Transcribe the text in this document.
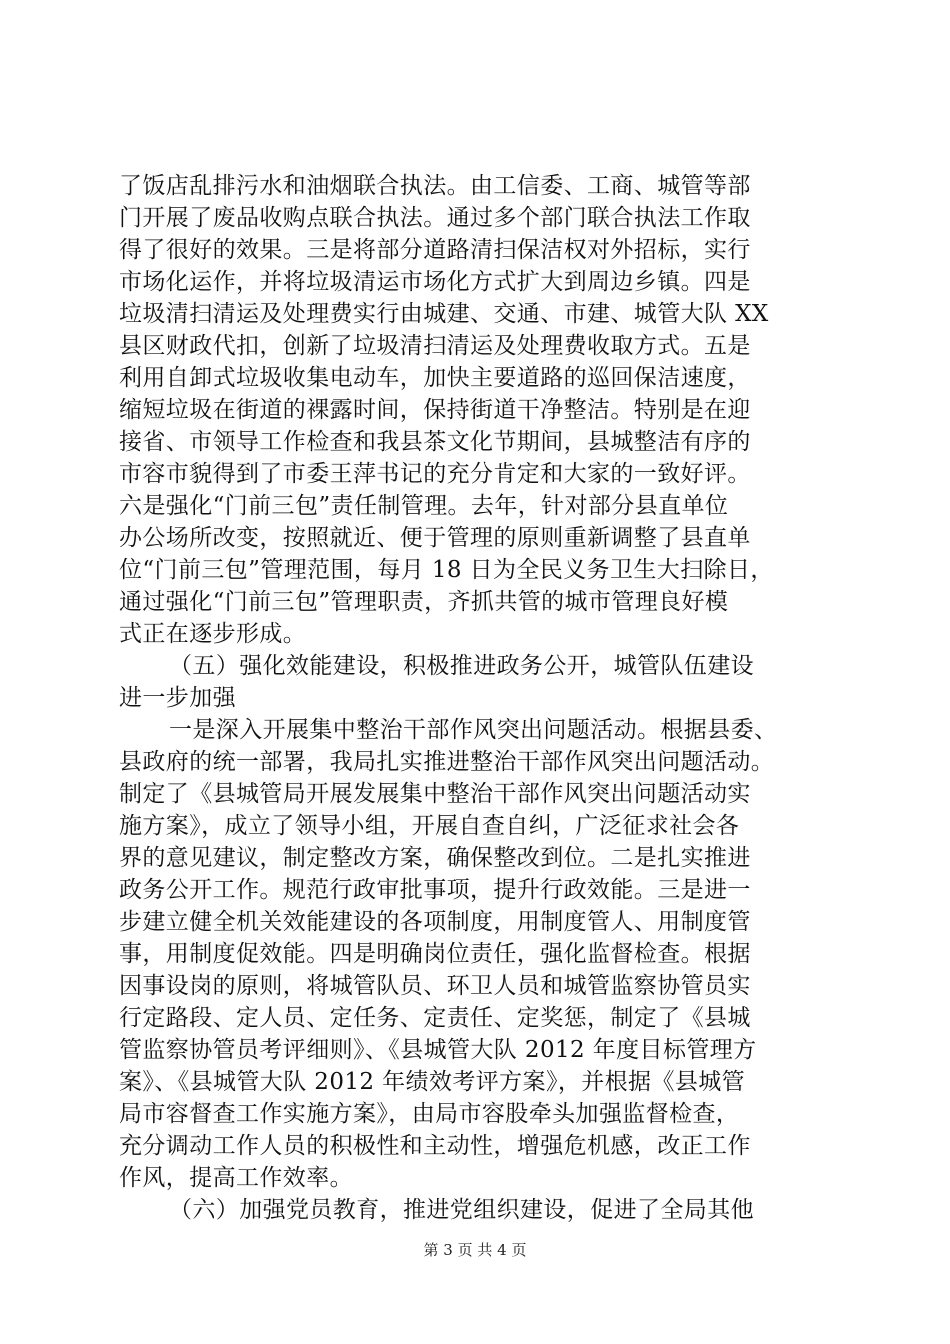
了饭店乱排污水和油烟联合执法。由工信委、工商、城管等部
门开展了废品收购点联合执法。通过多个部门联合执法工作取
得了很好的效果。三是将部分道路清扫保洁权对外招标，实行
市场化运作，并将垃圾清运市场化方式扩大到周边乡镇。四是
垃圾清扫清运及处理费实行由城建、交通、市建、城管大队 XX
县区财政代扣，创新了垃圾清扫清运及处理费收取方式。五是
利用自卸式垃圾收集电动车，加快主要道路的巡回保洁速度，
缩短垃圾在街道的裸露时间，保持街道干净整洁。特别是在迎
接省、市领导工作检查和我县茶文化节期间，县城整洁有序的
市容市貌得到了市委王萍书记的充分肯定和大家的一致好评。
六是强化“门前三包”责任制管理。去年，针对部分县直单位
办公场所改变，按照就近、便于管理的原则重新调整了县直单
位“门前三包”管理范围，每月 18 日为全民义务卫生大扫除日，
通过强化“门前三包”管理职责，齐抓共管的城市管理良好模
式正在逐步形成。
（五）强化效能建设，积极推进政务公开，城管队伍建设
进一步加强
一是深入开展集中整治干部作风突出问题活动。根据县委、
县政府的统一部署，我局扎实推进整治干部作风突出问题活动。
制定了《县城管局开展发展集中整治干部作风突出问题活动实
施方案》，成立了领导小组，开展自查自纠，广泛征求社会各
界的意见建议，制定整改方案，确保整改到位。二是扎实推进
政务公开工作。规范行政审批事项，提升行政效能。三是进一
步建立健全机关效能建设的各项制度，用制度管人、用制度管
事，用制度促效能。四是明确岗位责任，强化监督检查。根据
因事设岗的原则，将城管队员、环卫人员和城管监察协管员实
行定路段、定人员、定任务、定责任、定奖惩，制定了《县城
管监察协管员考评细则》、《县城管大队 2012 年度目标管理方
案》、《县城管大队 2012 年绩效考评方案》，并根据《县城管
局市容督查工作实施方案》，由局市容股牵头加强监督检查，
充分调动工作人员的积极性和主动性，增强危机感，改正工作
作风，提高工作效率。
（六）加强党员教育，推进党组织建设，促进了全局其他
第 3 页 共 4 页
